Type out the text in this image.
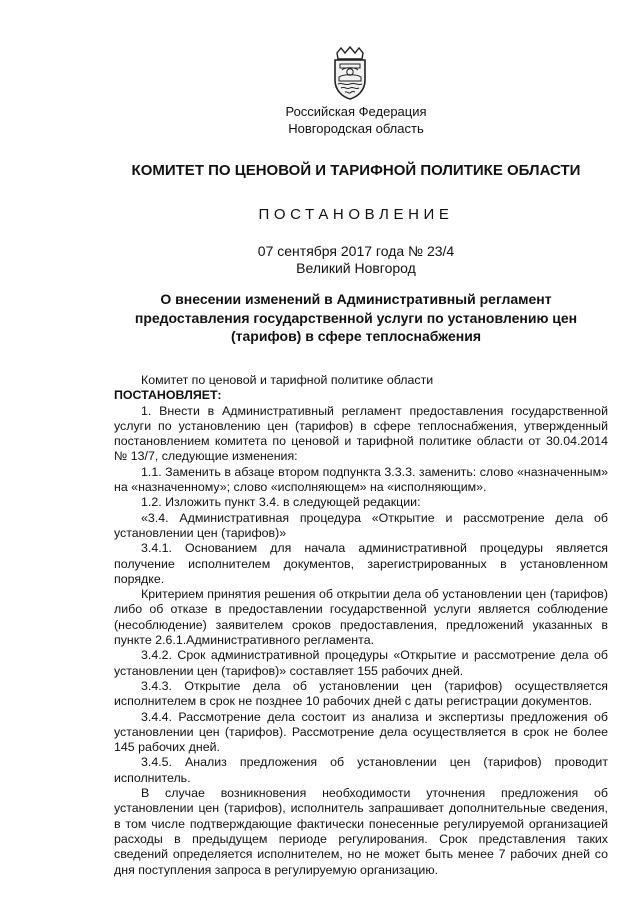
Российская Федерация
Новгородская область
КОМИТЕТ ПО ЦЕНОВОЙ И ТАРИФНОЙ ПОЛИТИКЕ ОБЛАСТИ
ПОСТАНОВЛЕНИЕ
07 сентября 2017 года № 23/4
Великий Новгород
О внесении изменений в Административный регламент
предоставления государственной услуги по установлению цен
(тарифов) в сфере теплоснабжения

Комитет по ценовой и тарифной политике области

ПОСТАНОВЛЯЕТ:

1. Внести в Административный регламент предоставления государственной услуги по установлению цен (тарифов) в сфере теплоснабжения, утвержденный постановлением комитета по ценовой и тарифной политике области от 30.04.2014 № 13/7, следующие изменения:

1.1. Заменить в абзаце втором подпункта 3.3.3. заменить: слово «назначенным» на «назначенному»; слово «исполняющем» на «исполняющим».

1.2. Изложить пункт 3.4. в следующей редакции:

«3.4. Административная процедура «Открытие и рассмотрение дела об установлении цен (тарифов)»

3.4.1. Основанием для начала административной процедуры является получение исполнителем документов, зарегистрированных в установленном порядке.

Критерием принятия решения об открытии дела об установлении цен (тарифов) либо об отказе в предоставлении государственной услуги является соблюдение (несоблюдение) заявителем сроков предоставления, предложений указанных в пункте 2.6.1.Административного регламента.

3.4.2. Срок административной процедуры «Открытие и рассмотрение дела об установлении цен (тарифов)» составляет 155 рабочих дней.

3.4.3. Открытие дела об установлении цен (тарифов) осуществляется исполнителем в срок не позднее 10 рабочих дней с даты регистрации документов.

3.4.4. Рассмотрение дела состоит из анализа и экспертизы предложения об установлении цен (тарифов). Рассмотрение дела осуществляется в срок не более 145 рабочих дней.

3.4.5. Анализ предложения об установлении цен (тарифов) проводит исполнитель.

В случае возникновения необходимости уточнения предложения об установлении цен (тарифов), исполнитель запрашивает дополнительные сведения, в том числе подтверждающие фактически понесенные регулируемой организацией расходы в предыдущем периоде регулирования. Срок представления таких сведений определяется исполнителем, но не может быть менее 7 рабочих дней со дня поступления запроса в регулируемую организацию.
